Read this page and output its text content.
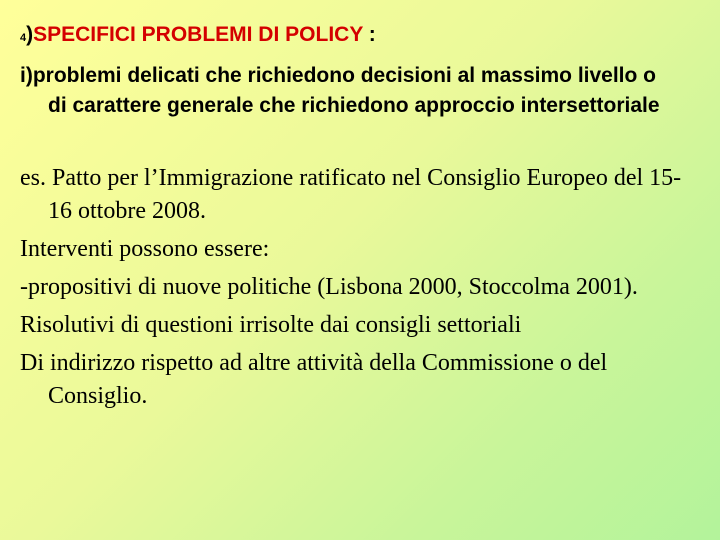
4)SPECIFICI PROBLEMI DI POLICY :

i)problemi delicati che richiedono decisioni al massimo livello o di carattere generale che richiedono approccio intersettoriale

es. Patto per l’Immigrazione ratificato nel Consiglio Europeo del 15-16 ottobre 2008.

Interventi possono essere:

-propositivi di nuove politiche (Lisbona 2000, Stoccolma 2001).

Risolutivi di questioni irrisolte dai consigli settoriali

Di indirizzo rispetto ad altre attività della Commissione o del Consiglio.
